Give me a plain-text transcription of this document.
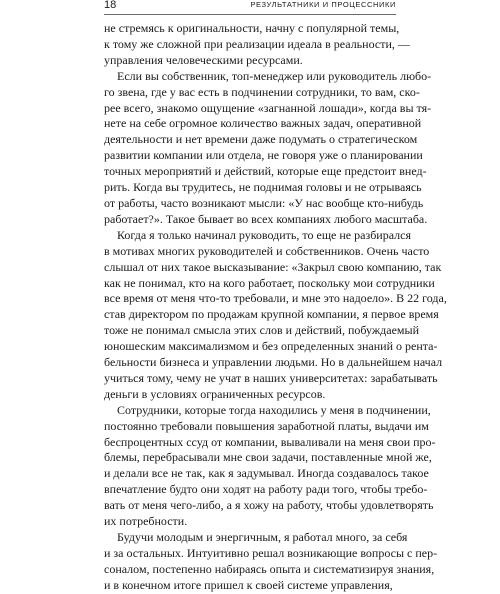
18	РЕЗУЛЬТАТНИКИ И ПРОЦЕССНИКИ

не стремясь к оригинальности, начну с популярной темы,
к тому же сложной при реализации идеала в реальности, —
управления человеческими ресурсами.

Если вы собственник, топ-менеджер или руководитель любо-
го звена, где у вас есть в подчинении сотрудники, то вам, ско-
рее всего, знакомо ощущение «загнанной лошади», когда вы тя-
нете на себе огромное количество важных задач, оперативной
деятельности и нет времени даже подумать о стратегическом
развитии компании или отдела, не говоря уже о планировании
точных мероприятий и действий, которые еще предстоит внед-
рить. Когда вы трудитесь, не поднимая головы и не отрываясь
от работы, часто возникают мысли: «У нас вообще кто-нибудь
работает?». Такое бывает во всех компаниях любого масштаба.

Когда я только начинал руководить, то еще не разбирался
в мотивах многих руководителей и собственников. Очень часто
слышал от них такое высказывание: «Закрыл свою компанию, так
как не понимал, кто на кого работает, поскольку мои сотрудники
все время от меня что-то требовали, и мне это надоело». В 22 года,
став директором по продажам крупной компании, я первое время
тоже не понимал смысла этих слов и действий, побуждаемый
юношеским максимализмом и без определенных знаний о рента-
бельности бизнеса и управлении людьми. Но в дальнейшем начал
учиться тому, чему не учат в наших университетах: зарабатывать
деньги в условиях ограниченных ресурсов.

Сотрудники, которые тогда находились у меня в подчинении,
постоянно требовали повышения заработной платы, выдачи им
беспроцентных ссуд от компании, вываливали на меня свои про-
блемы, перебрасывали мне свои задачи, поставленные мной же,
и делали все не так, как я задумывал. Иногда создавалось такое
впечатление будто они ходят на работу ради того, чтобы требо-
вать от меня чего-либо, а я хожу на работу, чтобы удовлетворять
их потребности.

Будучи молодым и энергичным, я работал много, за себя
и за остальных. Интуитивно решал возникающие вопросы с пер-
соналом, постепенно набираясь опыта и систематизируя знания,
и в конечном итоге пришел к своей системе управления,
